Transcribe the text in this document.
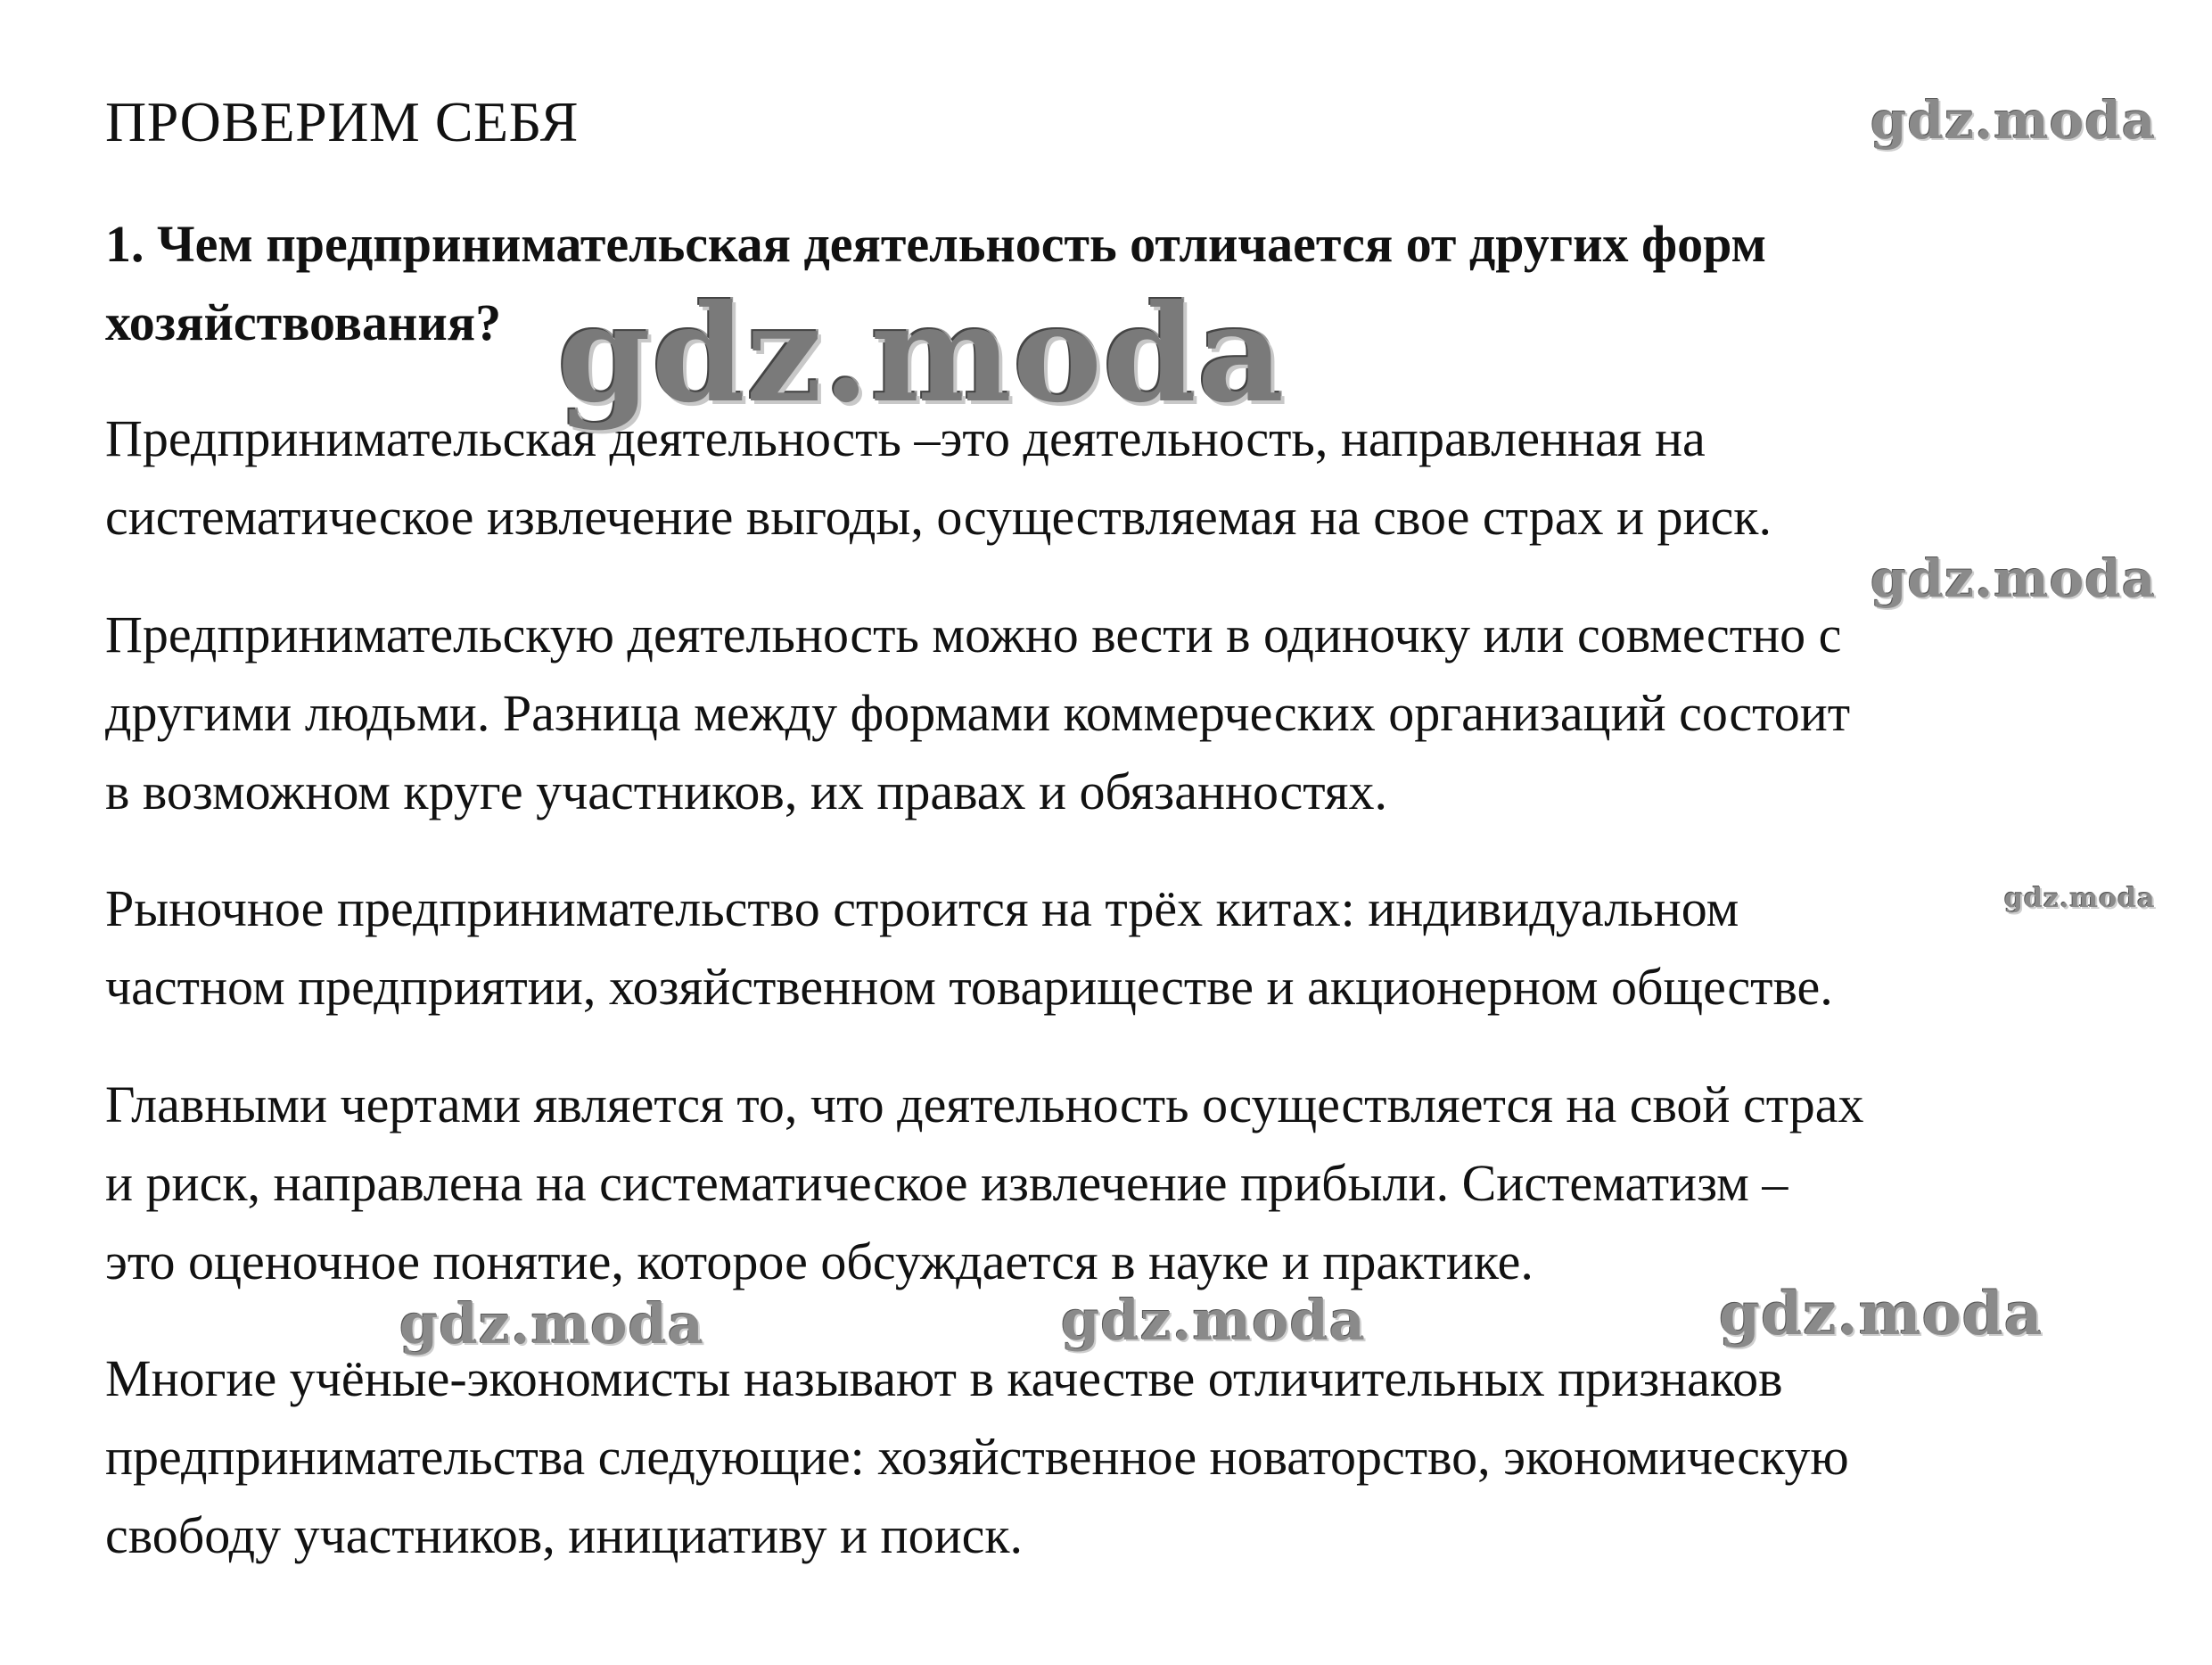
ПРОВЕРИМ СЕБЯ

1. Чем предпринимательская деятельность отличается от других форм хозяйствования?

Предпринимательская деятельность –это деятельность, направленная на
систематическое извлечение выгоды, осуществляемая на свое страх и риск.

Предпринимательскую деятельность можно вести в одиночку или совместно с
другими людьми. Разница между формами коммерческих организаций состоит
в возможном круге участников, их правах и обязанностях.

Рыночное предпринимательство строится на трёх китах: индивидуальном
частном предприятии, хозяйственном товариществе и акционерном обществе.

Главными чертами является то, что деятельность осуществляется на свой страх
и риск, направлена на систематическое извлечение прибыли. Систематизм –
это оценочное понятие, которое обсуждается в науке и практике.

Многие учёные-экономисты называют в качестве отличительных признаков
предпринимательства следующие: хозяйственное новаторство, экономическую
свободу участников, инициативу и поиск.

gdz.moda
gdz.moda
gdz.moda
gdz.moda
gdz.moda	gdz.moda	gdz.moda
